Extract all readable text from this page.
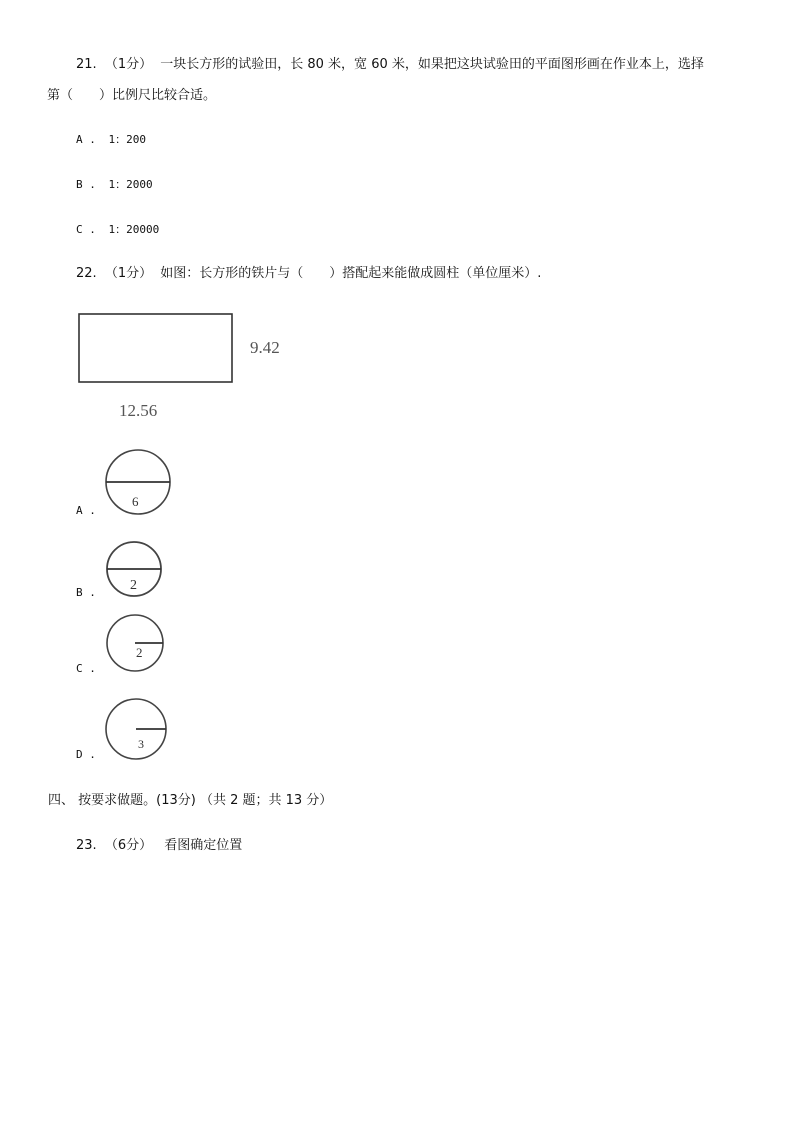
21. （1分） 一块长方形的试验田，长 80 米，宽 60 米，如果把这块试验田的平面图形画在作业本上，选择
第（　　）比例尺比较合适。
A . 1：200
B . 1：2000
C . 1：20000
22. （1分） 如图：长方形的铁片与（　　）搭配起来能做成圆柱（单位厘米）.
9.42
12.56
A .
6
B . 2
C .
2
D .
3
四、 按要求做题。(13分) （共 2 题；共 13 分）
23. （6分） 看图确定位置
